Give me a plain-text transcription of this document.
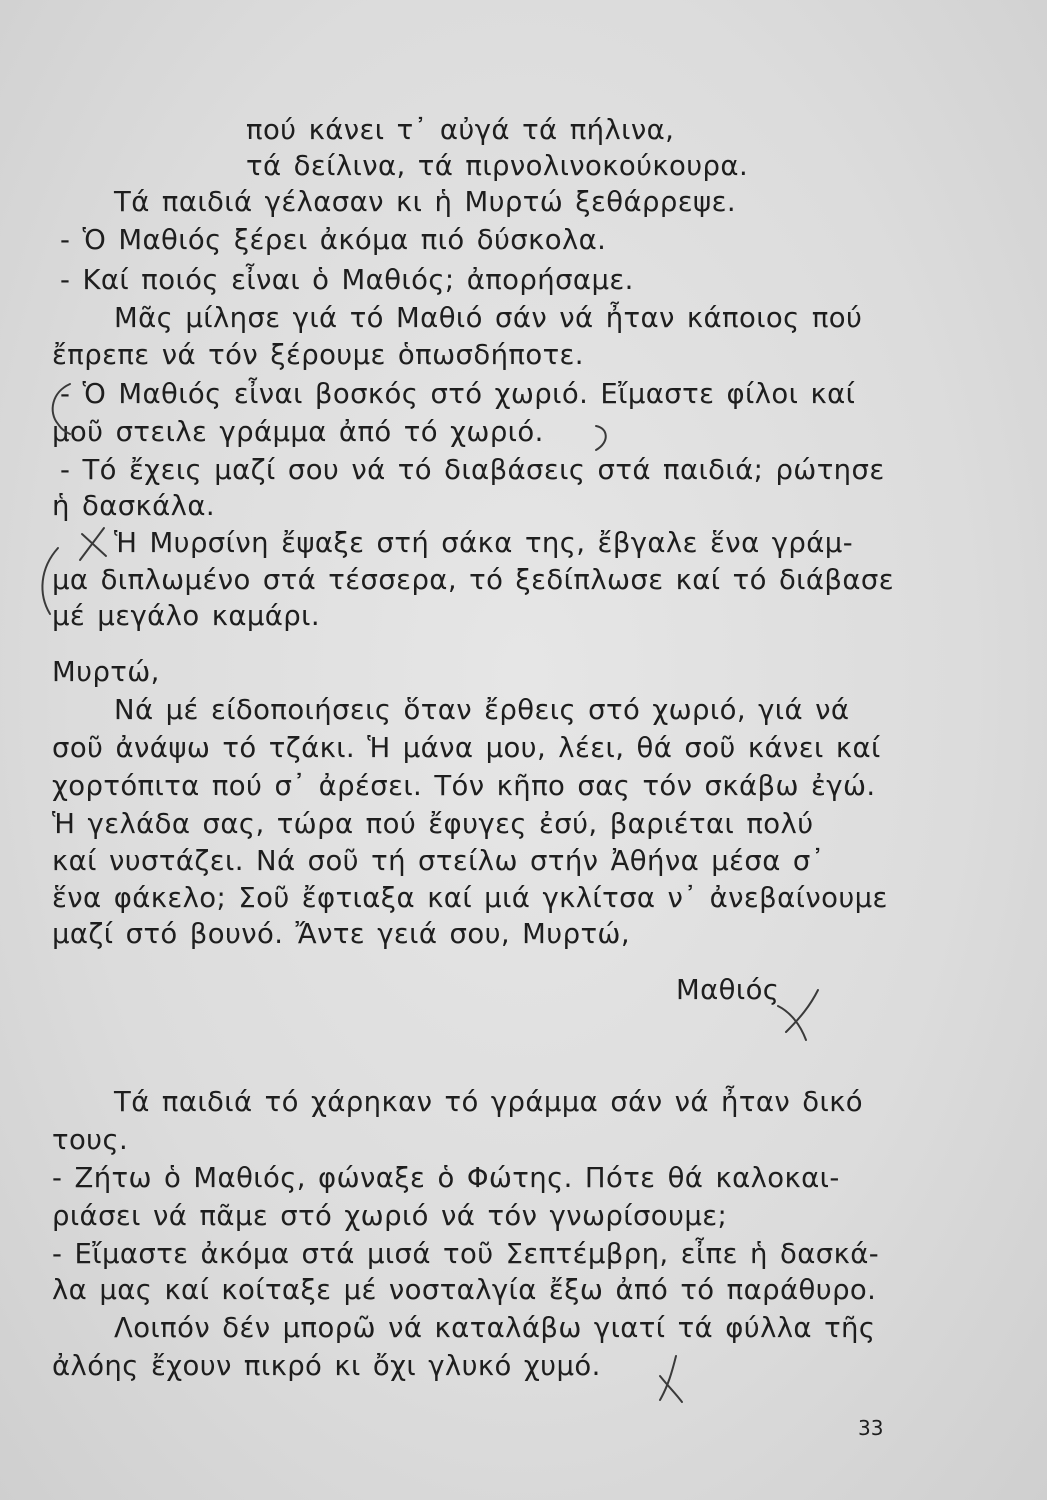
πού κάνει τ᾽ αὐγά τά πήλινα,

τά δείλινα, τά πιρνολινοκούκουρα.

Τά παιδιά γέλασαν κι ἡ Μυρτώ ξεθάρρεψε.

- Ὁ Μαθιός ξέρει ἀκόμα πιό δύσκολα.

- Καί ποιός εἶναι ὁ Μαθιός; ἀπορήσαμε.

Μᾶς μίλησε γιά τό Μαθιό σάν νά ἦταν κάποιος πού

ἔπρεπε νά τόν ξέρουμε ὁπωσδήποτε.

- Ὁ Μαθιός εἶναι βοσκός στό χωριό. Εἴμαστε φίλοι καί

μοῦ στειλε γράμμα ἀπό τό χωριό.

- Τό ἔχεις μαζί σου νά τό διαβάσεις στά παιδιά; ρώτησε

ἡ δασκάλα.

Ἡ Μυρσίνη ἔψαξε στή σάκα της, ἔβγαλε ἕνα γράμ-

μα διπλωμένο στά τέσσερα, τό ξεδίπλωσε καί τό διάβασε

μέ μεγάλο καμάρι.

Μυρτώ,

Νά μέ είδοποιήσεις ὅταν ἔρθεις στό χωριό, γιά νά

σοῦ ἀνάψω τό τζάκι. Ἡ μάνα μου, λέει, θά σοῦ κάνει καί

χορτόπιτα πού σ᾽ ἀρέσει. Τόν κῆπο σας τόν σκάβω ἐγώ.

Ἡ γελάδα σας, τώρα πού ἔφυγες ἐσύ, βαριέται πολύ

καί νυστάζει. Νά σοῦ τή στείλω στήν Ἀθήνα μέσα σ᾽

ἕνα φάκελο; Σοῦ ἔφτιαξα καί μιά γκλίτσα ν᾽ ἀνεβαίνουμε

μαζί στό βουνό. Ἄντε γειά σου, Μυρτώ,

Μαθιός

Τά παιδιά τό χάρηκαν τό γράμμα σάν νά ἦταν δικό

τους.

- Ζήτω ὁ Μαθιός, φώναξε ὁ Φώτης. Πότε θά καλοκαι-

ριάσει νά πᾶμε στό χωριό νά τόν γνωρίσουμε;

- Εἴμαστε ἀκόμα στά μισά τοῦ Σεπτέμβρη, εἶπε ἡ δασκά-

λα μας καί κοίταξε μέ νοσταλγία ἔξω ἀπό τό παράθυρο.

Λοιπόν δέν μπορῶ νά καταλάβω γιατί τά φύλλα τῆς

ἀλόης ἔχουν πικρό κι ὄχι γλυκό χυμό.

33
